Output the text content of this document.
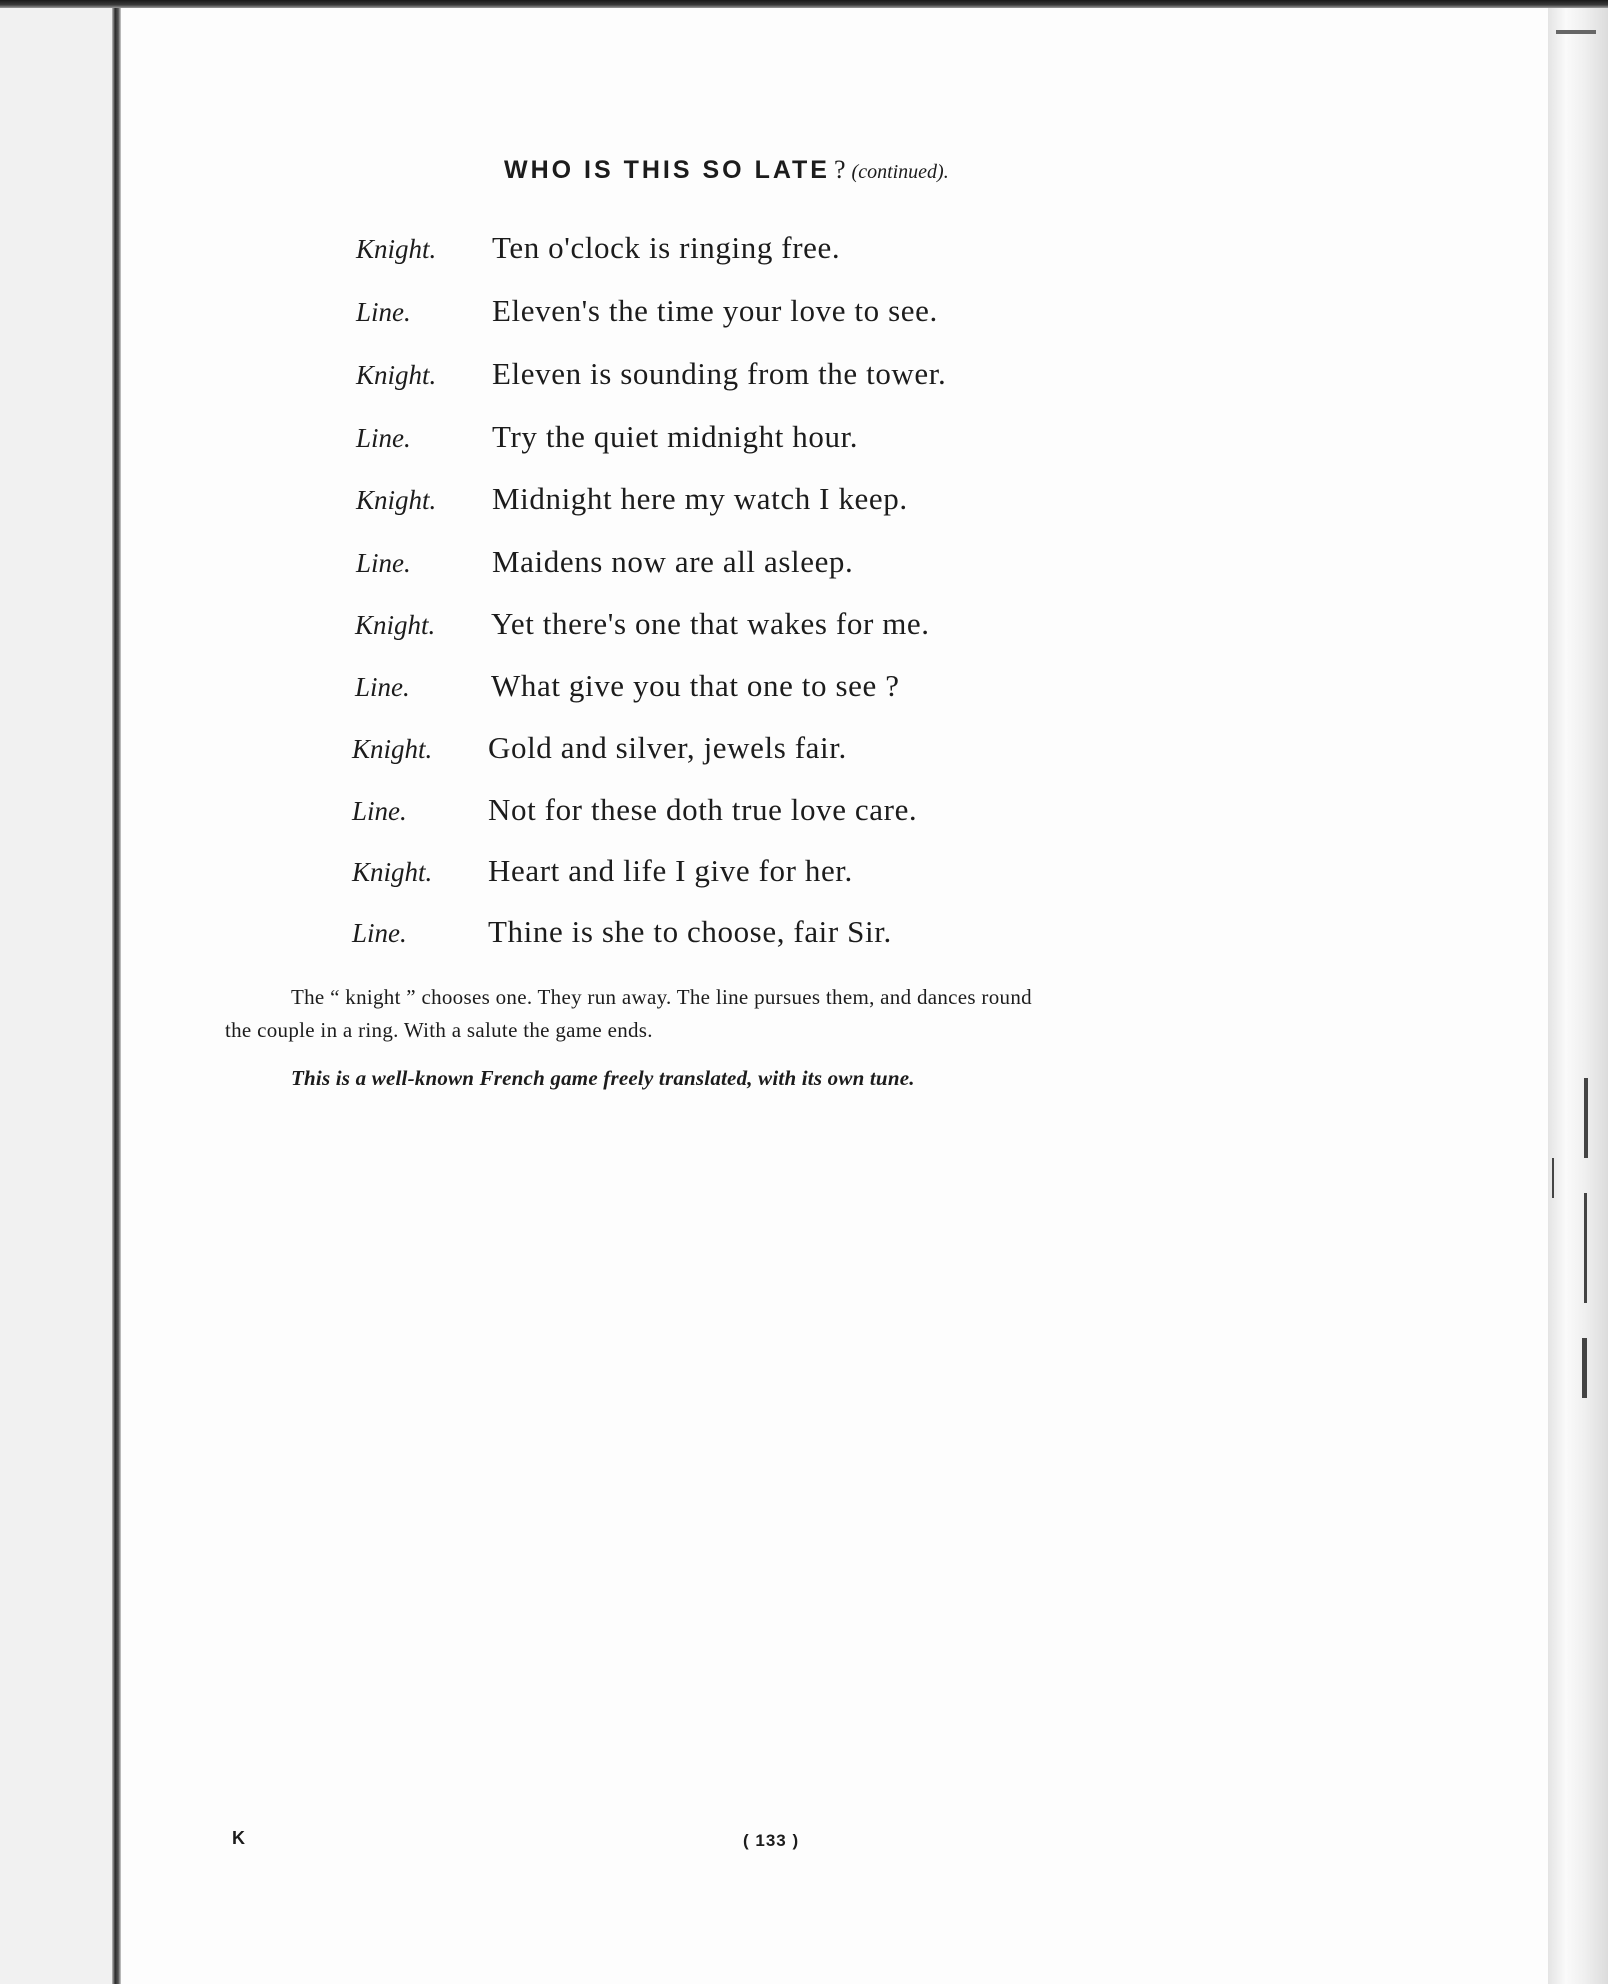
WHO IS THIS SO LATE ? (continued).
Knight.	Ten o'clock is ringing free.
Line.	Eleven's the time your love to see.
Knight.	Eleven is sounding from the tower.
Line.	Try the quiet midnight hour.
Knight.	Midnight here my watch I keep.
Line.	Maidens now are all asleep.
Knight.	Yet there's one that wakes for me.
Line.	What give you that one to see ?
Knight.	Gold and silver, jewels fair.
Line.	Not for these doth true love care.
Knight.	Heart and life I give for her.
Line.	Thine is she to choose, fair Sir.
The “ knight ” chooses one. They run away. The line pursues them, and dances round
the couple in a ring. With a salute the game ends.
This is a well-known French game freely translated, with its own tune.
K	( 133 )
